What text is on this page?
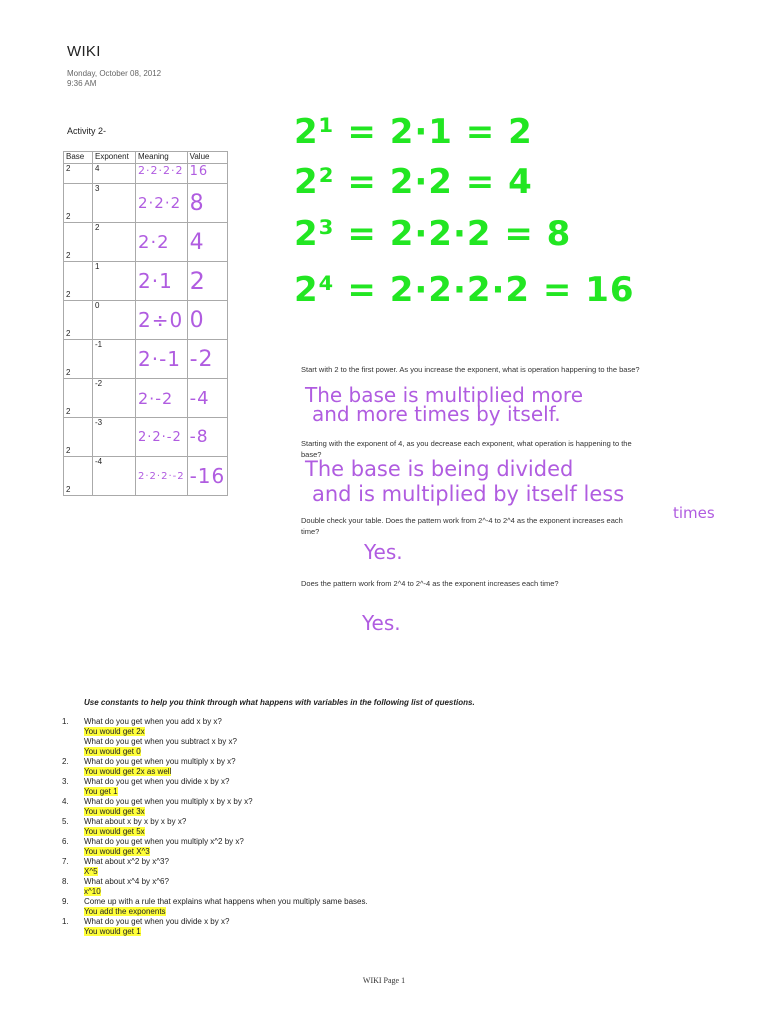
WIKI
Monday, October 08, 2012
9:36 AM
Activity 2-
Base	Exponent	Meaning	Value
2	4	2·2·2·2	16

2	3	2·2·2	8

2	2	2·2	4

2	1	2·1	2

2	0	2÷0	0

2	-1	2·-1	-2

2	-2	2·-2	-4

2	-3	2·2·-2	-8

2	-4	2·2·2·-2	-16
2¹ = 2·1 = 2
2² = 2·2 = 4
2³ = 2·2·2 = 8
2⁴ = 2·2·2·2 = 16
Start with 2 to the first power. As you increase the exponent, what is operation happening to the base?
The base is multiplied more
and more times by itself.
Starting with the exponent of 4, as you decrease each exponent, what operation is happening to the base?
The base is being divided
and is multiplied by itself less
times
Double check your table. Does the pattern work from 2^-4 to 2^4 as the exponent increases each time?
Yes.
Does the pattern work from 2^4 to 2^-4 as the exponent increases each time?
Yes.
Use constants to help you think through what happens with variables in the following list of questions.
1. What do you get when you add x by x?
You would get 2x
What do you get when you subtract x by x?
You would get 0
2. What do you get when you multiply x by x?
You would get 2x as well
3. What do you get when you divide x by x?
You get 1
4. What do you get when you multiply x by x by x?
You would get 3x
5. What about x by x by x by x?
You would get 5x
6. What do you get when you multiply x^2 by x?
You would get X^3
7. What about x^2 by x^3?
X^5
8. What about x^4 by x^6?
x^10
9. Come up with a rule that explains what happens when you multiply same bases.
You add the exponents
1. What do you get when you divide x by x?
You would get 1
WIKI Page 1
